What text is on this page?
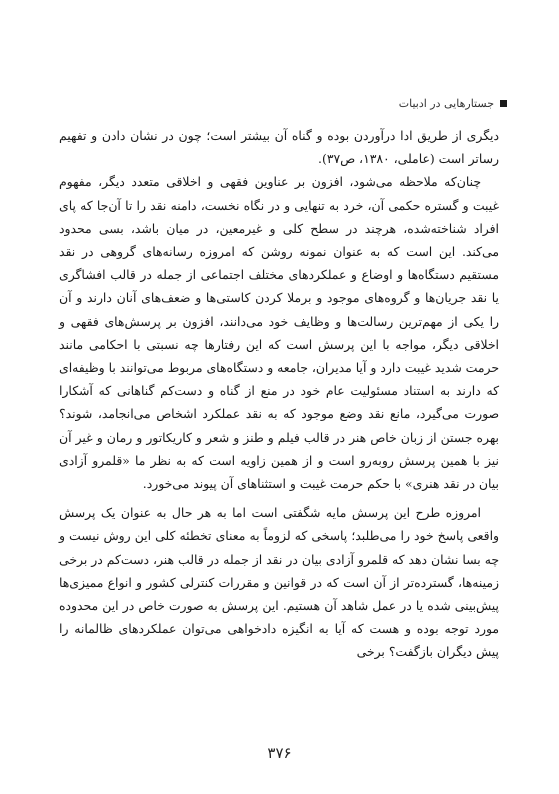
جستارهایی در ادبیات

دیگری از طریق ادا درآوردن بوده و گناه آن بیشتر است؛ چون در نشان دادن و تفهیم رساتر است (عاملی، ۱۳۸۰، ص۳۷).

چنان‌که ملاحظه می‌شود، افزون بر عناوین فقهی و اخلاقی متعدد دیگر، مفهوم غیبت و گستره حکمی آن، خرد به تنهایی و در نگاه نخست، دامنه نقد را تا آن‌جا که پای افراد شناخته‌شده، هرچند در سطح کلی و غیرمعین، در میان باشد، بسی محدود می‌کند. این است که به عنوان نمونه روشن که امروزه رسانه‌های گروهی در نقد مستقیم دستگاه‌ها و اوضاع و عملکردهای مختلف اجتماعی از جمله در قالب افشاگری یا نقد جریان‌ها و گروه‌های موجود و برملا کردن کاستی‌ها و ضعف‌های آنان دارند و آن را یکی از مهم‌ترین رسالت‌ها و وظایف خود می‌دانند، افزون بر پرسش‌های فقهی و اخلاقی دیگر، مواجه با این پرسش است که این رفتارها چه نسبتی با احکامی مانند حرمت شدید غیبت دارد و آیا مدیران، جامعه و دستگاه‌های مربوط می‌توانند با وظیفه‌ای که دارند به استناد مسئولیت عام خود در منع از گناه و دست‌کم گناهانی که آشکارا صورت می‌گیرد، مانع نقد وضع موجود که به نقد عملکرد اشخاص می‌انجامد، شوند؟ بهره جستن از زبان خاص هنر در قالب فیلم و طنز و شعر و کاریکاتور و رمان و غیر آن نیز با همین پرسش روبه‌رو است و از همین زاویه است که به نظر ما «قلمرو آزادی بیان در نقد هنری» با حکم حرمت غیبت و استثناهای آن پیوند می‌خورد.

امروزه طرح این پرسش مایه شگفتی است اما به هر حال به عنوان یک پرسش واقعی پاسخ خود را می‌طلبد؛ پاسخی که لزوماً به معنای تخطئه کلی این روش نیست و چه بسا نشان دهد که قلمرو آزادی بیان در نقد از جمله در قالب هنر، دست‌کم در برخی زمینه‌ها، گسترده‌تر از آن است که در قوانین و مقررات کنترلی کشور و انواع ممیزی‌ها پیش‌بینی شده یا در عمل شاهد آن هستیم. این پرسش به صورت خاص در این محدوده مورد توجه بوده و هست که آیا به انگیزه دادخواهی می‌توان عملکردهای ظالمانه را پیش دیگران بازگفت؟ برخی

۳۷۶
